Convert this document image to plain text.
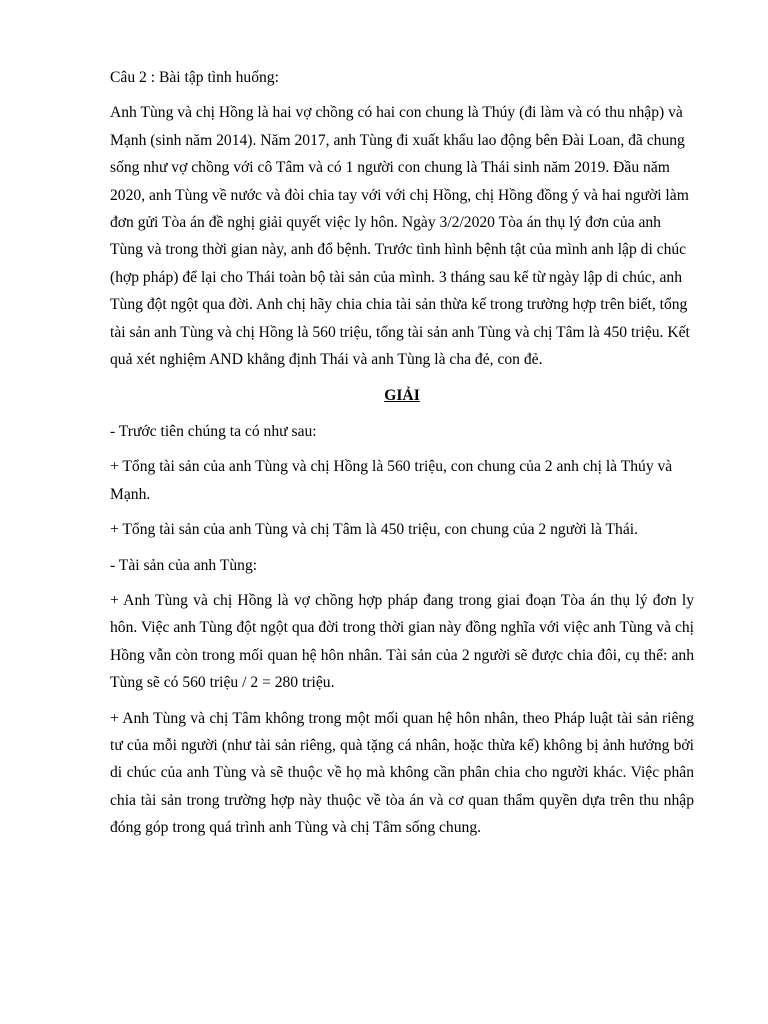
Câu 2 : Bài tập tình huống:

Anh Tùng và chị Hồng là hai vợ chồng có hai con chung là Thúy (đi làm và có thu nhập) và Mạnh (sinh năm 2014). Năm 2017, anh Tùng đi xuất khẩu lao động bên Đài Loan, đã chung sống như vợ chồng với cô Tâm và có 1 người con chung là Thái sinh năm 2019. Đầu năm 2020, anh Tùng về nước và đòi chia tay với với chị Hồng, chị Hồng đồng ý và hai người làm đơn gửi Tòa án đề nghị giải quyết việc ly hôn. Ngày 3/2/2020 Tòa án thụ lý đơn của anh Tùng và trong thời gian này, anh đổ bệnh. Trước tình hình bệnh tật của mình anh lập di chúc (hợp pháp) để lại cho Thái toàn bộ tài sản của mình. 3 tháng sau kể từ ngày lập di chúc, anh Tùng đột ngột qua đời. Anh chị hãy chia chia tài sản thừa kế trong trường hợp trên biết, tổng tài sản anh Tùng và chị Hồng là 560 triệu, tổng tài sản anh Tùng và chị Tâm là 450 triệu. Kết quả xét nghiệm AND khẳng định Thái và anh Tùng là cha đẻ, con đẻ.

GIẢI

- Trước tiên chúng ta có như sau:

+ Tổng tài sản của anh Tùng và chị Hồng là 560 triệu, con chung của 2 anh chị là Thúy và Mạnh.

+ Tổng tài sản của anh Tùng và chị Tâm là 450 triệu, con chung của 2 người là Thái.

- Tài sản của anh Tùng:

+ Anh Tùng và chị Hồng là vợ chồng hợp pháp đang trong giai đoạn Tòa án thụ lý đơn ly hôn. Việc anh Tùng đột ngột qua đời trong thời gian này đồng nghĩa với việc anh Tùng và chị Hồng vẫn còn trong mối quan hệ hôn nhân. Tài sản của 2 người sẽ được chia đôi, cụ thể: anh Tùng sẽ có 560 triệu / 2 = 280 triệu.

+ Anh Tùng và chị Tâm không trong một mối quan hệ hôn nhân, theo Pháp luật tài sản riêng tư của mỗi người (như tài sản riêng, quà tặng cá nhân, hoặc thừa kế) không bị ảnh hưởng bởi di chúc của anh Tùng và sẽ thuộc về họ mà không cần phân chia cho người khác. Việc phân chia tài sản trong trường hợp này thuộc về tòa án và cơ quan thẩm quyền dựa trên thu nhập đóng góp trong quá trình anh Tùng và chị Tâm sống chung.
